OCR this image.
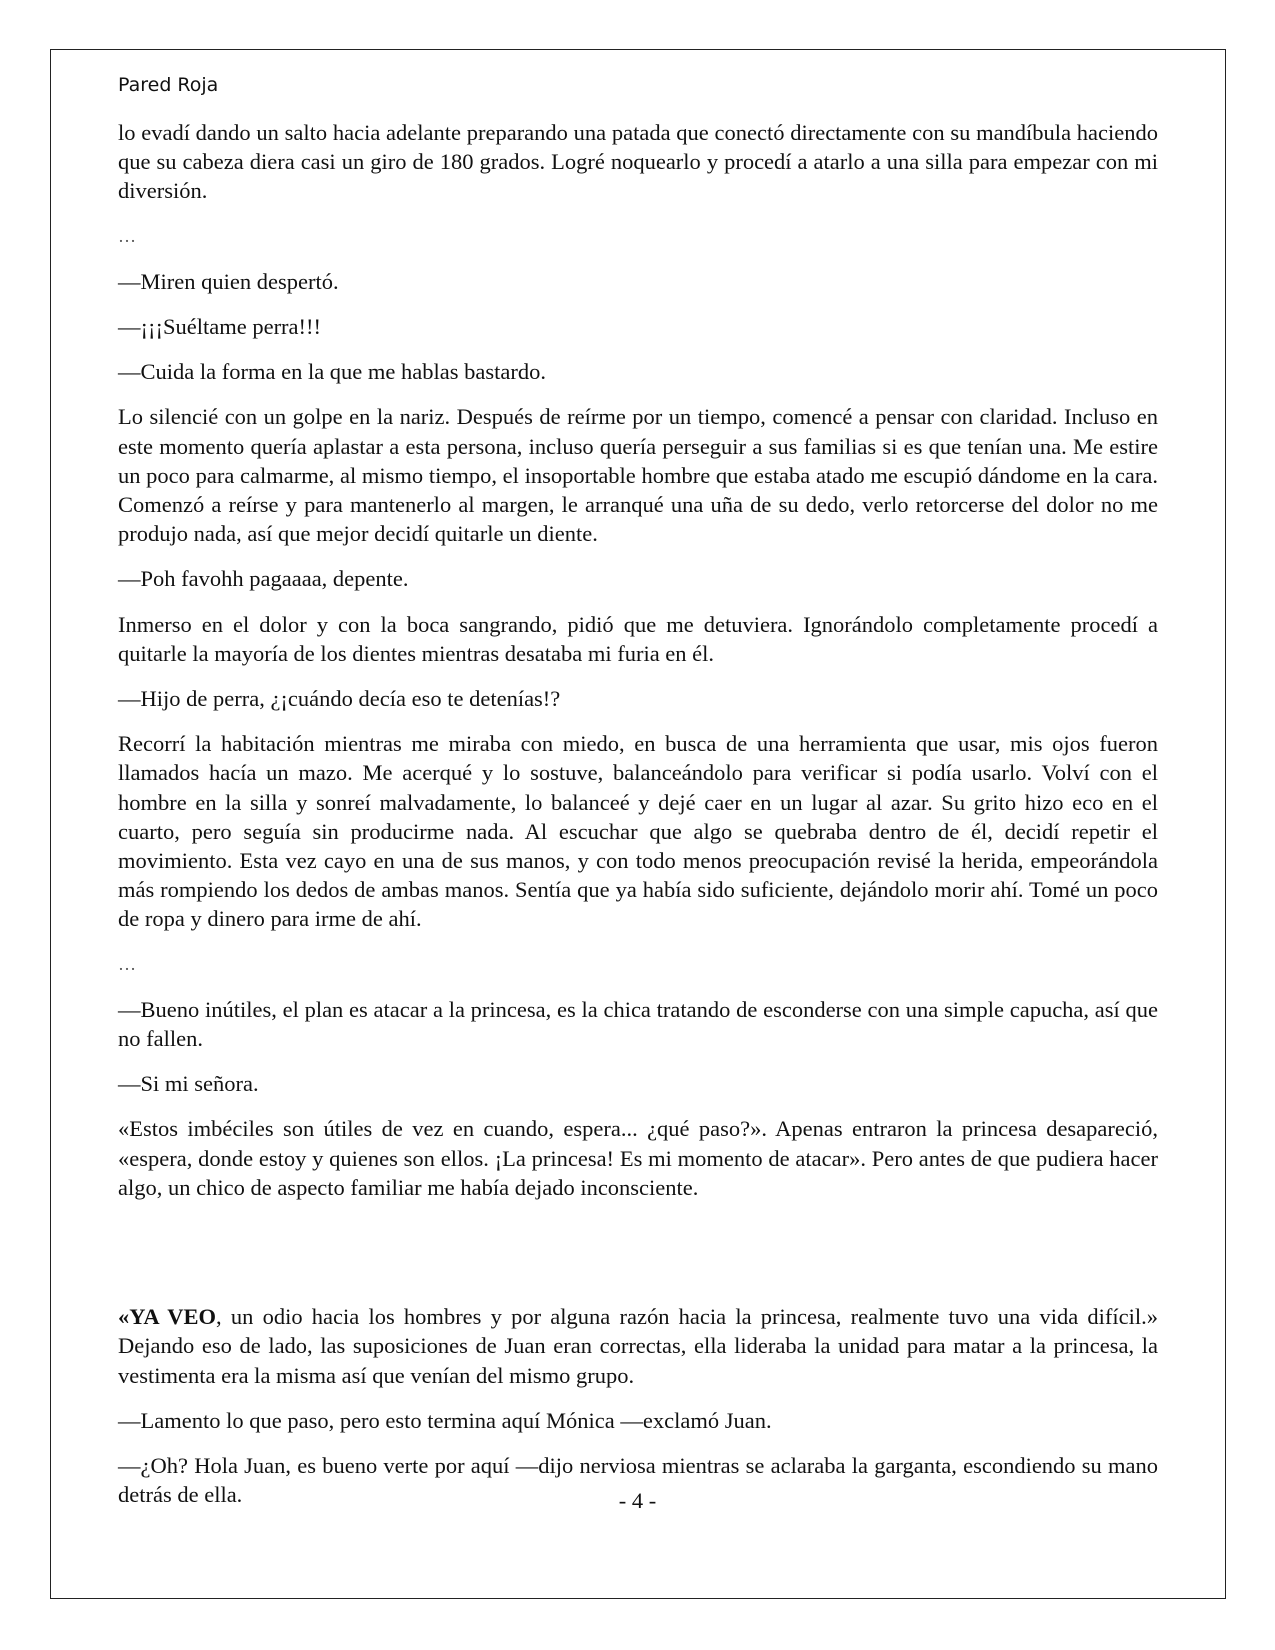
Pared Roja

lo evadí dando un salto hacia adelante preparando una patada que conectó directamente con su mandíbula haciendo que su cabeza diera casi un giro de 180 grados. Logré noquearlo y procedí a atarlo a una silla para empezar con mi diversión.

…

—Miren quien despertó.

—¡¡¡Suéltame perra!!!

—Cuida la forma en la que me hablas bastardo.

Lo silencié con un golpe en la nariz. Después de reírme por un tiempo, comencé a pensar con claridad. Incluso en este momento quería aplastar a esta persona, incluso quería perseguir a sus familias si es que tenían una. Me estire un poco para calmarme, al mismo tiempo, el insoportable hombre que estaba atado me escupió dándome en la cara. Comenzó a reírse y para mantenerlo al margen, le arranqué una uña de su dedo, verlo retorcerse del dolor no me produjo nada, así que mejor decidí quitarle un diente.

—Poh favohh pagaaaa, depente.

Inmerso en el dolor y con la boca sangrando, pidió que me detuviera. Ignorándolo completamente procedí a quitarle la mayoría de los dientes mientras desataba mi furia en él.

—Hijo de perra, ¿¡cuándo decía eso te detenías!?

Recorrí la habitación mientras me miraba con miedo, en busca de una herramienta que usar, mis ojos fueron llamados hacía un mazo. Me acerqué y lo sostuve, balanceándolo para verificar si podía usarlo. Volví con el hombre en la silla y sonreí malvadamente, lo balanceé y dejé caer en un lugar al azar. Su grito hizo eco en el cuarto, pero seguía sin producirme nada. Al escuchar que algo se quebraba dentro de él, decidí repetir el movimiento. Esta vez cayo en una de sus manos, y con todo menos preocupación revisé la herida, empeorándola más rompiendo los dedos de ambas manos. Sentía que ya había sido suficiente, dejándolo morir ahí. Tomé un poco de ropa y dinero para irme de ahí.

…

—Bueno inútiles, el plan es atacar a la princesa, es la chica tratando de esconderse con una simple capucha, así que no fallen.

—Si mi señora.

«Estos imbéciles son útiles de vez en cuando, espera... ¿qué paso?». Apenas entraron la princesa desapareció, «espera, donde estoy y quienes son ellos. ¡La princesa! Es mi momento de atacar». Pero antes de que pudiera hacer algo, un chico de aspecto familiar me había dejado inconsciente.

«YA VEO, un odio hacia los hombres y por alguna razón hacia la princesa, realmente tuvo una vida difícil.» Dejando eso de lado, las suposiciones de Juan eran correctas, ella lideraba la unidad para matar a la princesa, la vestimenta era la misma así que venían del mismo grupo.

—Lamento lo que paso, pero esto termina aquí Mónica —exclamó Juan.

—¿Oh? Hola Juan, es bueno verte por aquí —dijo nerviosa mientras se aclaraba la garganta, escondiendo su mano detrás de ella.	- 4 -
